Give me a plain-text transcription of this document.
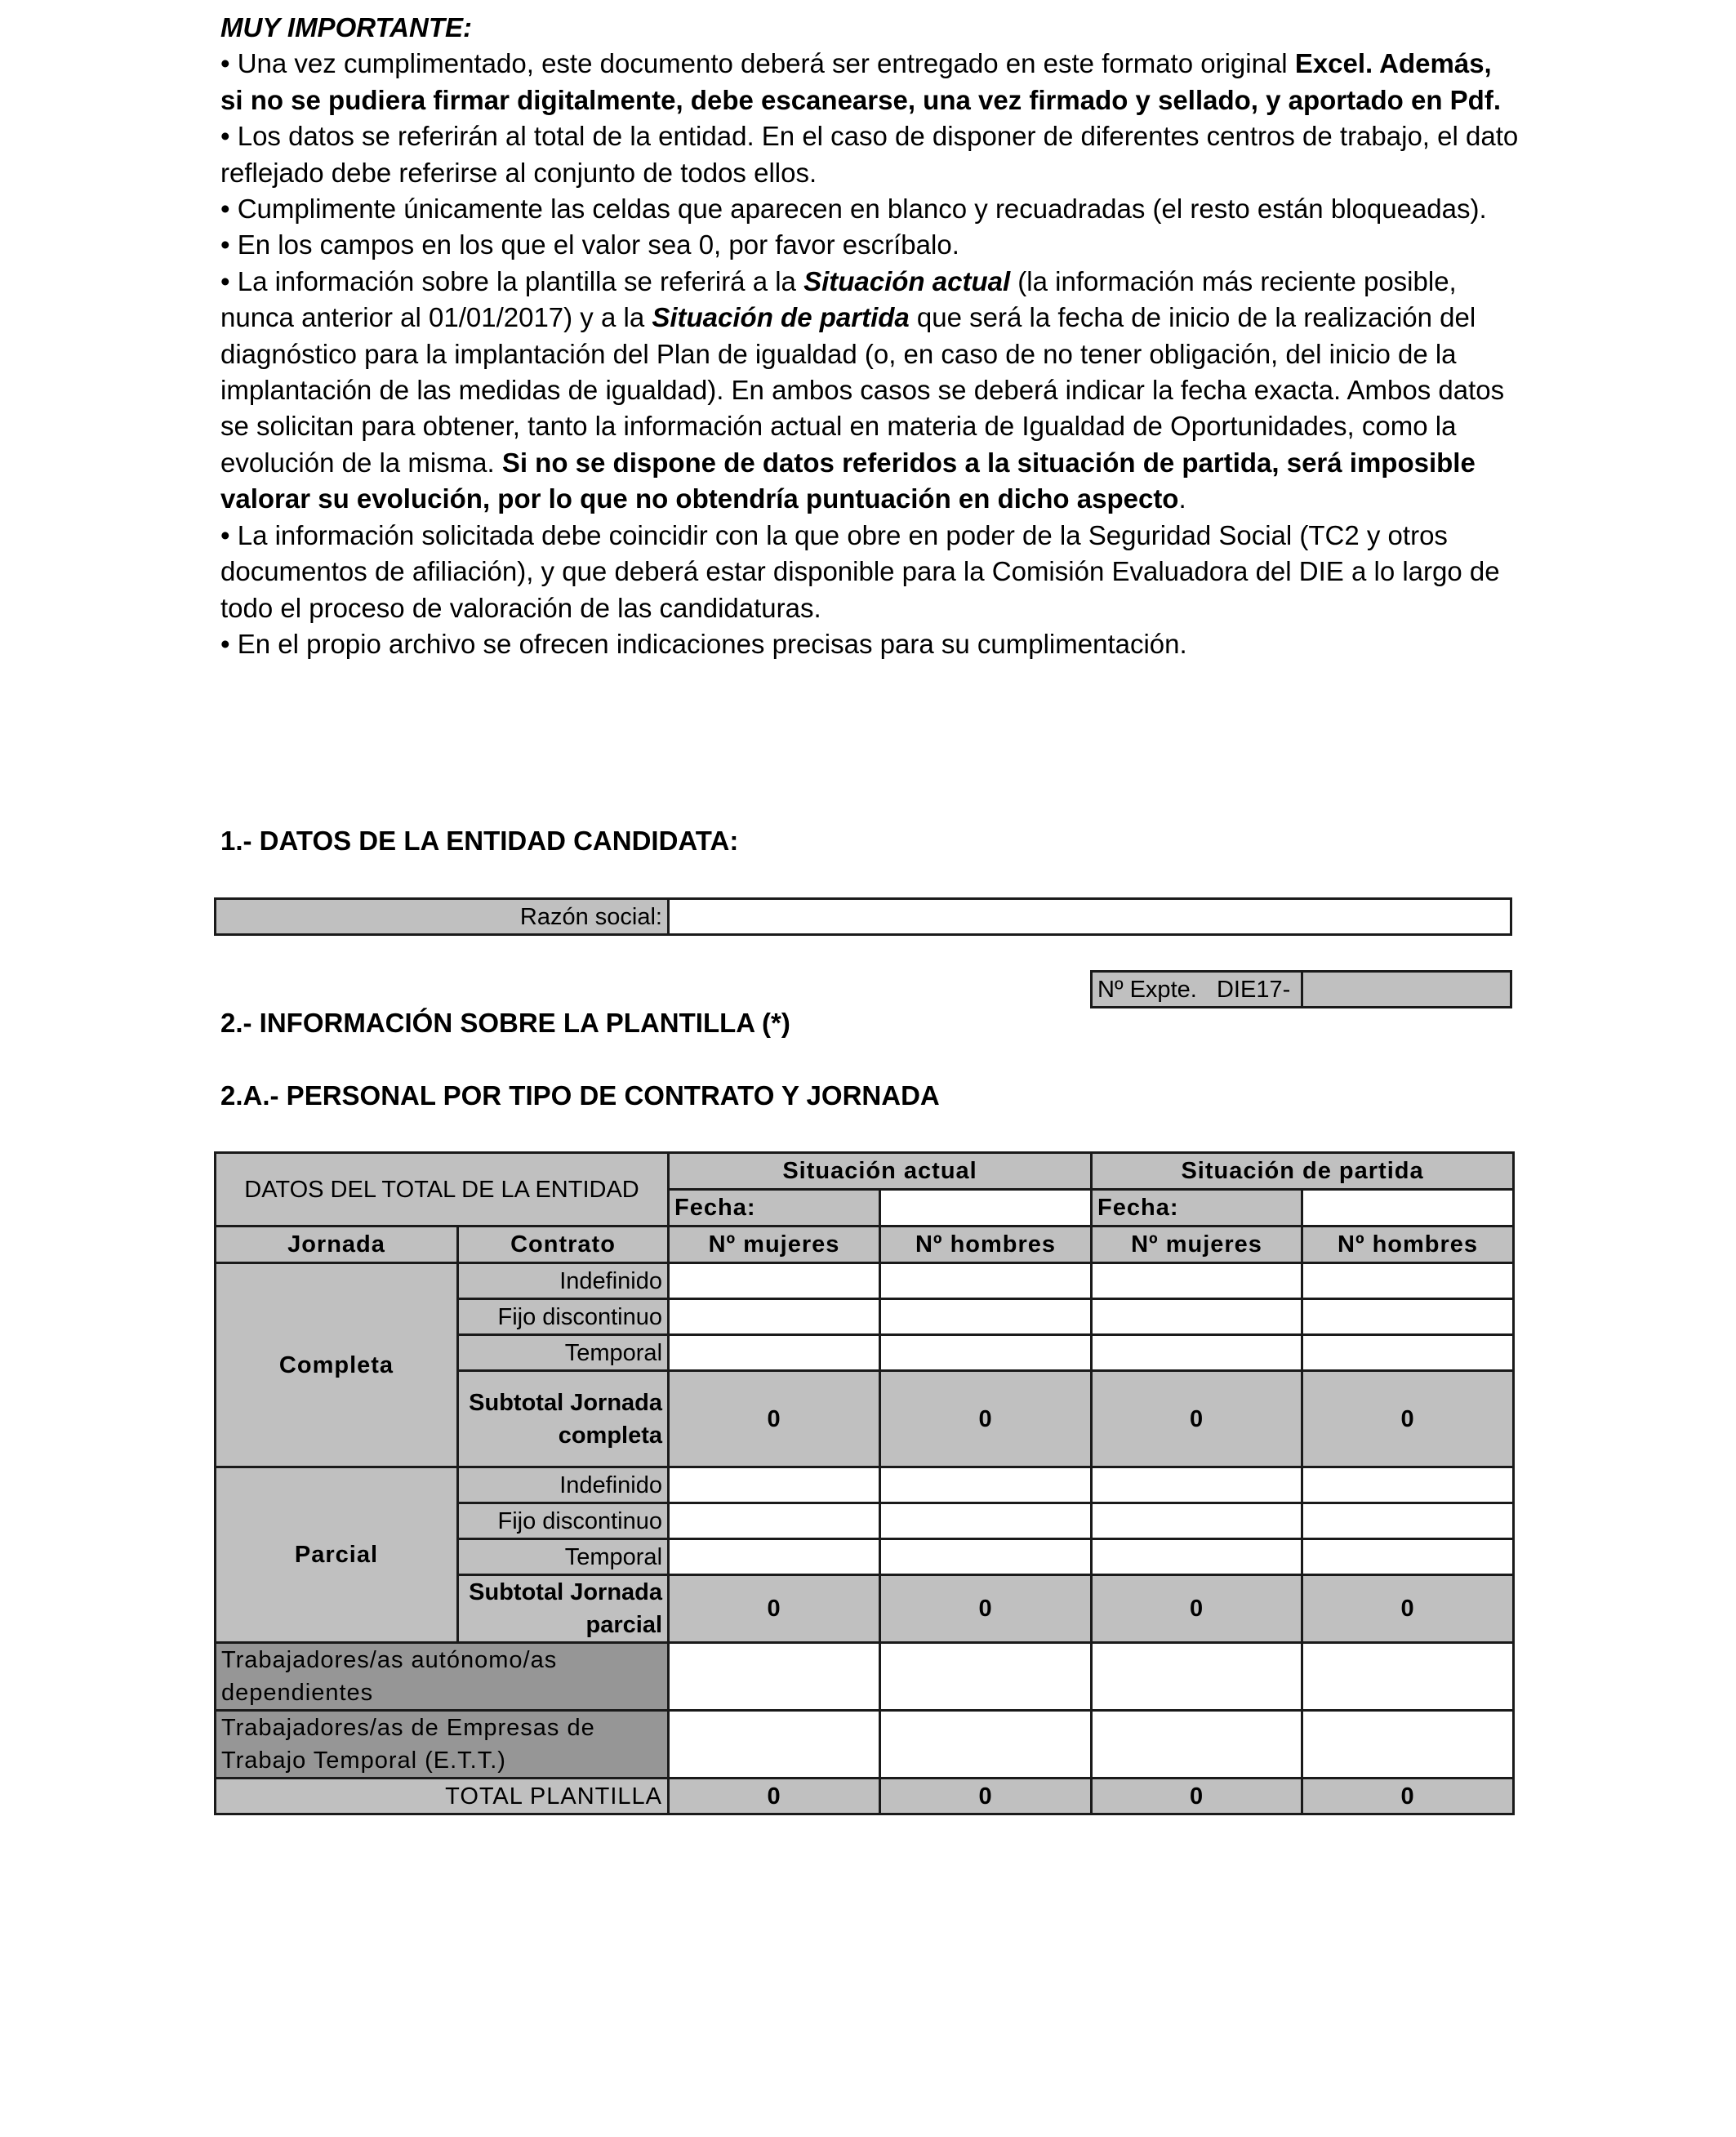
MUY IMPORTANTE:

• Una vez cumplimentado, este documento deberá ser entregado en este formato original Excel. Además, si no se pudiera firmar digitalmente, debe escanearse, una vez firmado y sellado, y aportado en Pdf.

• Los datos se referirán al total de la entidad. En el caso de disponer de diferentes centros de trabajo, el dato reflejado debe referirse al conjunto de todos ellos.

• Cumplimente únicamente las celdas que aparecen en blanco y recuadradas (el resto están bloqueadas).

• En los campos en los que el valor sea 0, por favor escríbalo.

• La información sobre la plantilla se referirá a la Situación actual (la información más reciente posible, nunca anterior al 01/01/2017) y a la Situación de partida que será la fecha de inicio de la realización del diagnóstico para la implantación del Plan de igualdad (o, en caso de no tener obligación, del inicio de la implantación de las medidas de igualdad). En ambos casos se deberá indicar la fecha exacta. Ambos datos se solicitan para obtener, tanto la información actual en materia de Igualdad de Oportunidades, como la evolución de la misma. Si no se dispone de datos referidos a la situación de partida, será imposible valorar su evolución, por lo que no obtendría puntuación en dicho aspecto.

• La información solicitada debe coincidir con la que obre en poder de la Seguridad Social (TC2 y otros documentos de afiliación), y que deberá estar disponible para la Comisión Evaluadora del DIE a lo largo de todo el proceso de valoración de las candidaturas.

• En el propio archivo se ofrecen indicaciones precisas para su cumplimentación.

1.- DATOS DE LA ENTIDAD CANDIDATA:
Razón social:	
Nº Expte. DIE17-	
2.- INFORMACIÓN SOBRE LA PLANTILLA (*)
2.A.- PERSONAL POR TIPO DE CONTRATO Y JORNADA
DATOS DEL TOTAL DE LA ENTIDAD		Situación actual		Situación de partida	
		Fecha:		Fecha:	
Jornada	Contrato	Nº mujeres	Nº hombres	Nº mujeres	Nº hombres
Completa	Indefinido				
	Fijo discontinuo				
	Temporal				
	Subtotal Jornada completa	0	0	0	0
Parcial	Indefinido				
	Fijo discontinuo				
	Temporal				
	Subtotal Jornada parcial	0	0	0	0
Trabajadores/as autónomo/as dependientes					
Trabajadores/as de Empresas de Trabajo Temporal (E.T.T.)					
TOTAL PLANTILLA		0	0	0	0
